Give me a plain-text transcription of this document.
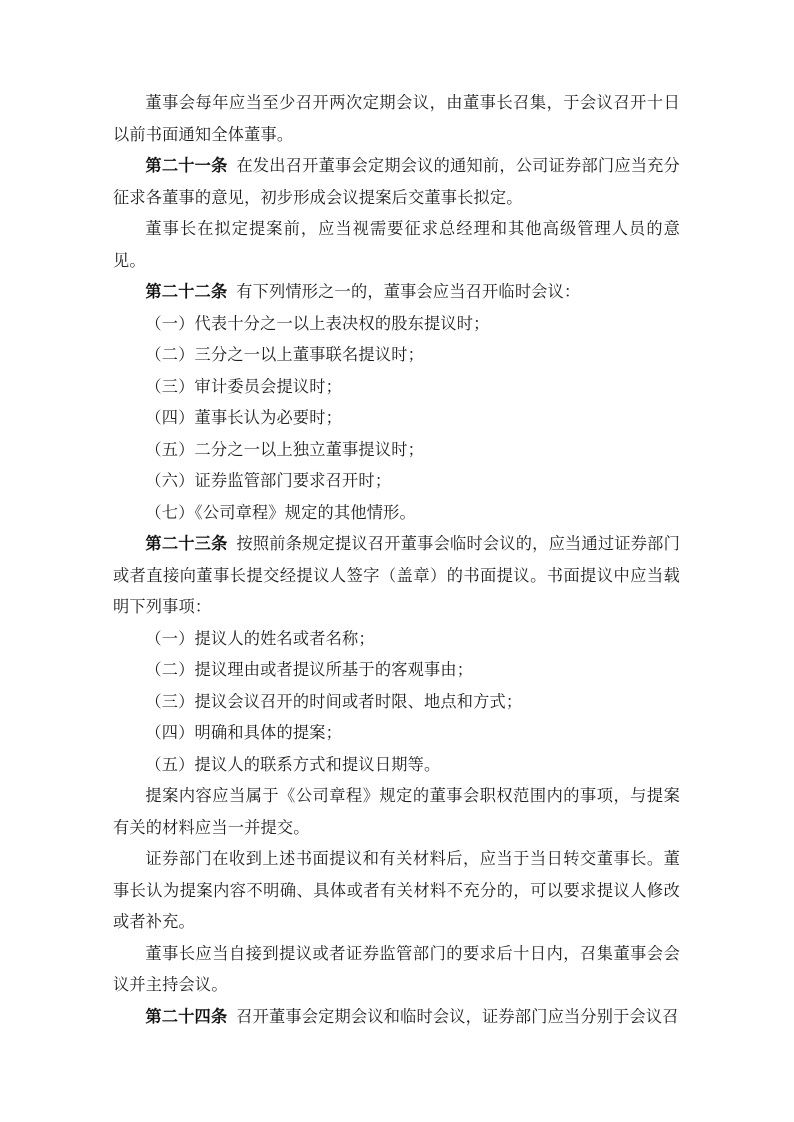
董事会每年应当至少召开两次定期会议，由董事长召集，于会议召开十日以前书面通知全体董事。

第二十一条 在发出召开董事会定期会议的通知前，公司证券部门应当充分征求各董事的意见，初步形成会议提案后交董事长拟定。

董事长在拟定提案前，应当视需要征求总经理和其他高级管理人员的意见。

第二十二条 有下列情形之一的，董事会应当召开临时会议：

（一）代表十分之一以上表决权的股东提议时；

（二）三分之一以上董事联名提议时；

（三）审计委员会提议时；

（四）董事长认为必要时；

（五）二分之一以上独立董事提议时；

（六）证券监管部门要求召开时；

（七）《公司章程》规定的其他情形。

第二十三条 按照前条规定提议召开董事会临时会议的，应当通过证券部门或者直接向董事长提交经提议人签字（盖章）的书面提议。书面提议中应当载明下列事项：

（一）提议人的姓名或者名称；

（二）提议理由或者提议所基于的客观事由；

（三）提议会议召开的时间或者时限、地点和方式；

（四）明确和具体的提案；

（五）提议人的联系方式和提议日期等。

提案内容应当属于《公司章程》规定的董事会职权范围内的事项，与提案有关的材料应当一并提交。

证券部门在收到上述书面提议和有关材料后，应当于当日转交董事长。董事长认为提案内容不明确、具体或者有关材料不充分的，可以要求提议人修改或者补充。

董事长应当自接到提议或者证券监管部门的要求后十日内，召集董事会会议并主持会议。

第二十四条 召开董事会定期会议和临时会议，证券部门应当分别于会议召
